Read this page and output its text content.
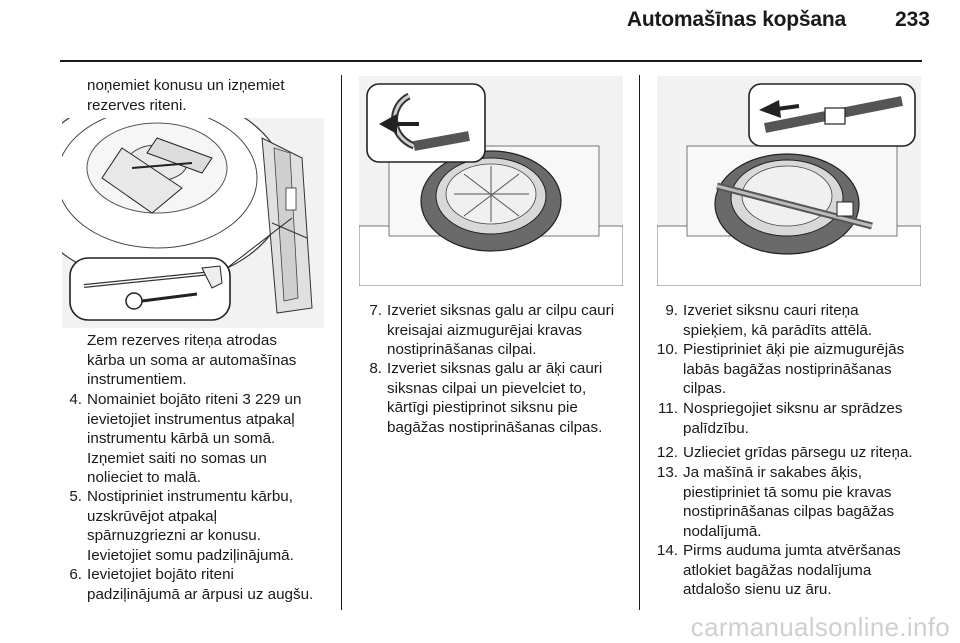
Automašīnas kopšana	233
noņemiet konusu un izņemiet
rezerves riteni.
Zem rezerves riteņa atrodas
kārba un soma ar automašīnas
instrumentiem.
4. Nomainiet bojāto riteni 3 229 un
ievietojiet instrumentus atpakaļ
instrumentu kārbā un somā.
Izņemiet saiti no somas un
nolieciet to malā.
5. Nostipriniet instrumentu kārbu,
uzskrūvējot atpakaļ
spārnuzgriezni ar konusu.
Ievietojiet somu padziļinājumā.
6. Ievietojiet bojāto riteni
padziļinājumā ar ārpusi uz augšu.
7. Izveriet siksnas galu ar cilpu cauri
kreisajai aizmugurējai kravas
nostiprināšanas cilpai.
8. Izveriet siksnas galu ar āķi cauri
siksnas cilpai un pievelciet to,
kārtīgi piestiprinot siksnu pie
bagāžas nostiprināšanas cilpas.
9. Izveriet siksnu cauri riteņa
spieķiem, kā parādīts attēlā.
10. Piestipriniet āķi pie aizmugurējās
labās bagāžas nostiprināšanas
cilpas.
11. Nospriegojiet siksnu ar sprādzes
palīdzību.
12. Uzlieciet grīdas pārsegu uz riteņa.
13. Ja mašīnā ir sakabes āķis,
piestipriniet tā somu pie kravas
nostiprināšanas cilpas bagāžas
nodalījumā.
14. Pirms auduma jumta atvēršanas
atlokiet bagāžas nodalījuma
atdalošo sienu uz āru.
carmanualsonline.info
